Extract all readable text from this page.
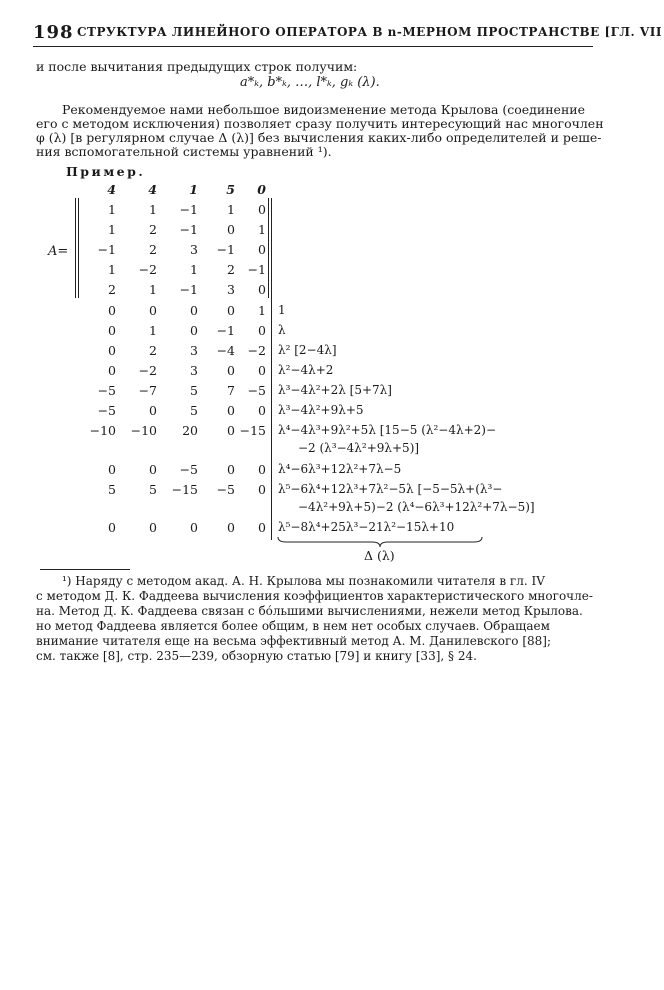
198 СТРУКТУРА ЛИНЕЙНОГО ОПЕРАТОРА В n-МЕРНОМ ПРОСТРАНСТВЕ [ГЛ. VII
и после вычитания предыдущих строк получим:
a*ₖ, b*ₖ, …, l*ₖ, gₖ (λ).
Рекомендуемое нами небольшое видоизменение метода Крылова (соединение
его с методом исключения) позволяет сразу получить интересующий нас многочлен
φ (λ) [в регулярном случае Δ (λ)] без вычисления каких-либо определителей и реше-
ния вспомогательной системы уравнений ¹).
Пример.
4	4	1	5	0
A=
1	1	−1	1	0
1	2	−1	0	1
−1	2	3	−1	0
1	−2	1	2	−1
2	1	−1	3	0
0	0	0	0	1 1
0	1	0	−1	0 λ
0	2	3	−4	−2 λ² [2−4λ]
0	−2	3	0	0 λ²−4λ+2
−5	−7	5	7	−5 λ³−4λ²+2λ [5+7λ]
−5	0	5	0	0 λ³−4λ²+9λ+5
−10 −10	20	0 −15 λ⁴−4λ³+9λ²+5λ [15−5 (λ²−4λ+2)−
−2 (λ³−4λ²+9λ+5)]
0	0	−5	0	0 λ⁴−6λ³+12λ²+7λ−5
5	5 −15	−5	0 λ⁵−6λ⁴+12λ³+7λ²−5λ [−5−5λ+(λ³−
−4λ²+9λ+5)−2 (λ⁴−6λ³+12λ²+7λ−5)]
0	0	0	0	0 λ⁵−8λ⁴+25λ³−21λ²−15λ+10
Δ (λ)
¹) Наряду с методом акад. А. Н. Крылова мы познакомили читателя в гл. IV
с методом Д. К. Фаддеева вычисления коэффициентов характеристического многочле-
на. Метод Д. К. Фаддеева связан с бо́льшими вычислениями, нежели метод Крылова.
но метод Фаддеева является более общим, в нем нет особых случаев. Обращаем
внимание читателя еще на весьма эффективный метод А. М. Данилевского [88];
см. также [8], стр. 235—239, обзорную статью [79] и книгу [33], § 24.
